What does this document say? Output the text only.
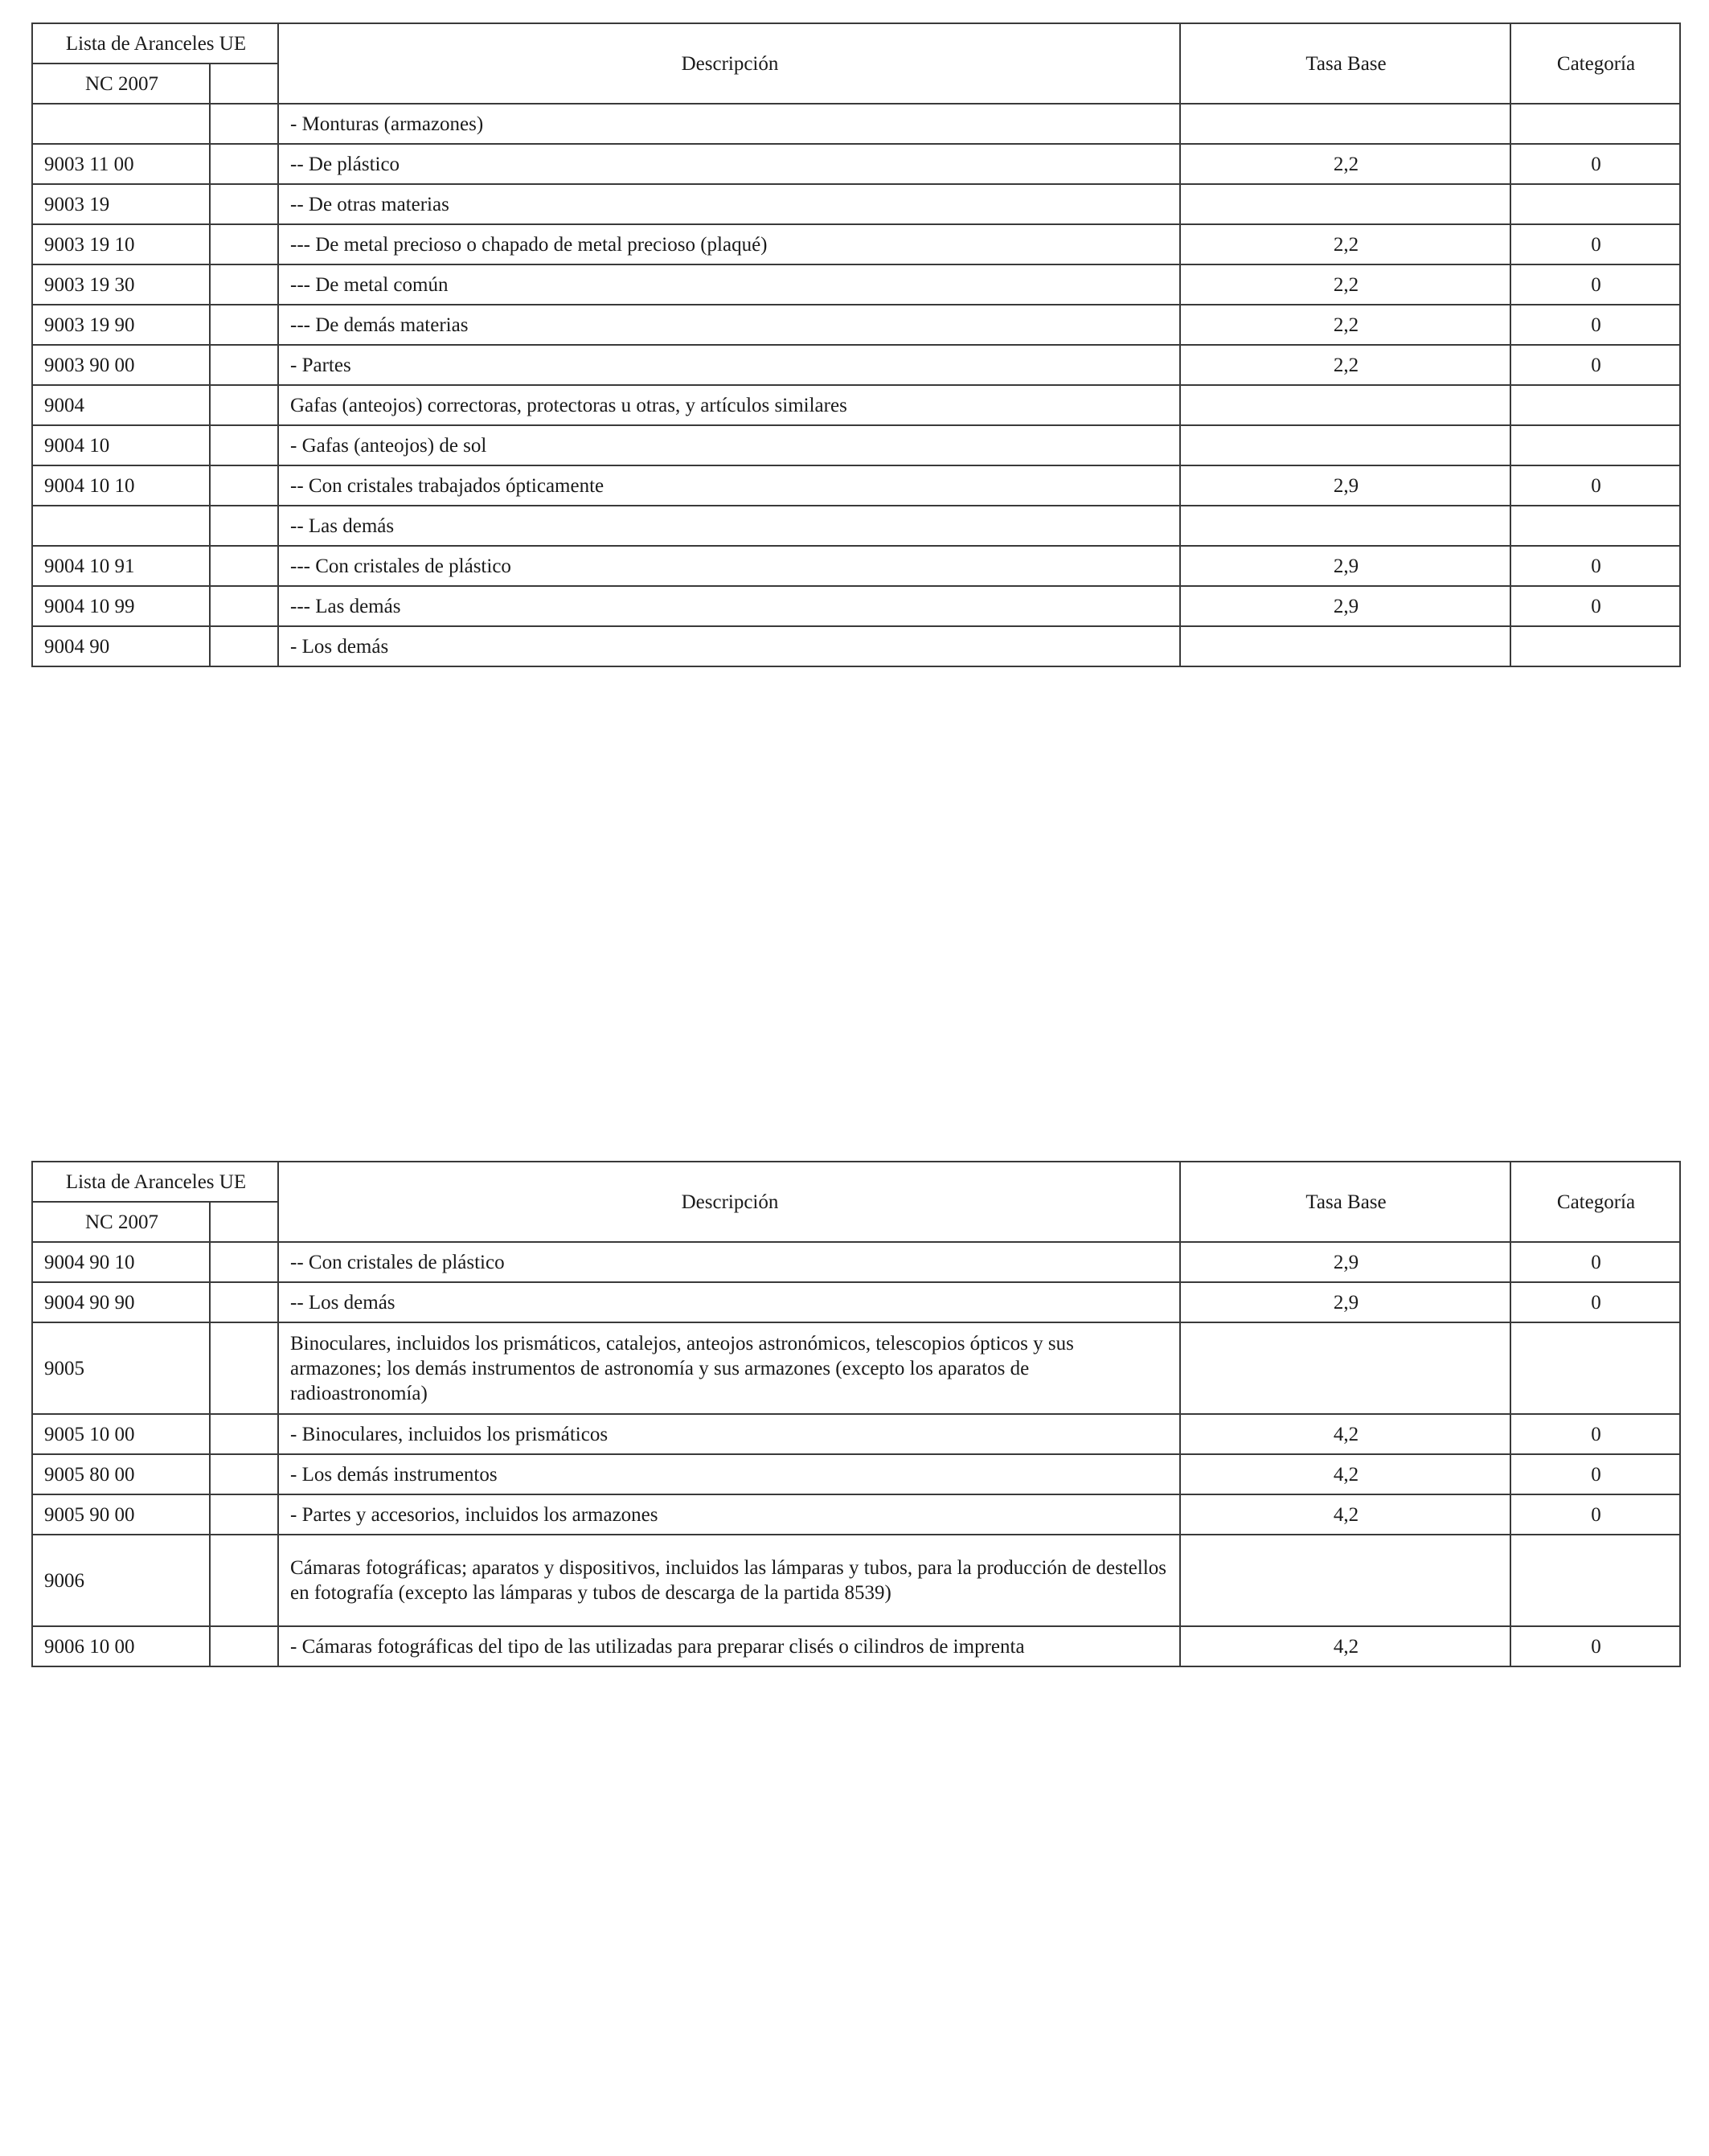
Lista de Aranceles UE		Descripción	Tasa Base	Categoría
NC 2007				
		- Monturas (armazones)		
9003 11 00		-- De plástico	2,2	0
9003 19		-- De otras materias		
9003 19 10		--- De metal precioso o chapado de metal precioso (plaqué)	2,2	0
9003 19 30		--- De metal común	2,2	0
9003 19 90		--- De demás materias	2,2	0
9003 90 00		- Partes	2,2	0
9004		Gafas (anteojos) correctoras, protectoras u otras, y artículos similares		
9004 10		- Gafas (anteojos) de sol		
9004 10 10		-- Con cristales trabajados ópticamente	2,9	0
		-- Las demás		
9004 10 91		--- Con cristales de plástico	2,9	0
9004 10 99		--- Las demás	2,9	0
9004 90		- Los demás		
Lista de Aranceles UE		Descripción	Tasa Base	Categoría
NC 2007				
9004 90 10		-- Con cristales de plástico	2,9	0
9004 90 90		-- Los demás	2,9	0
9005		Binoculares, incluidos los prismáticos, catalejos, anteojos astronómicos, telescopios ópticos y sus armazones; los demás instrumentos de astronomía y sus armazones (excepto los aparatos de radioastronomía)		
9005 10 00		- Binoculares, incluidos los prismáticos	4,2	0
9005 80 00		- Los demás instrumentos	4,2	0
9005 90 00		- Partes y accesorios, incluidos los armazones	4,2	0
9006		Cámaras fotográficas; aparatos y dispositivos, incluidos las lámparas y tubos, para la producción de destellos en fotografía (excepto las lámparas y tubos de descarga de la partida 8539)		
9006 10 00		- Cámaras fotográficas del tipo de las utilizadas para preparar clisés o cilindros de imprenta	4,2	0
